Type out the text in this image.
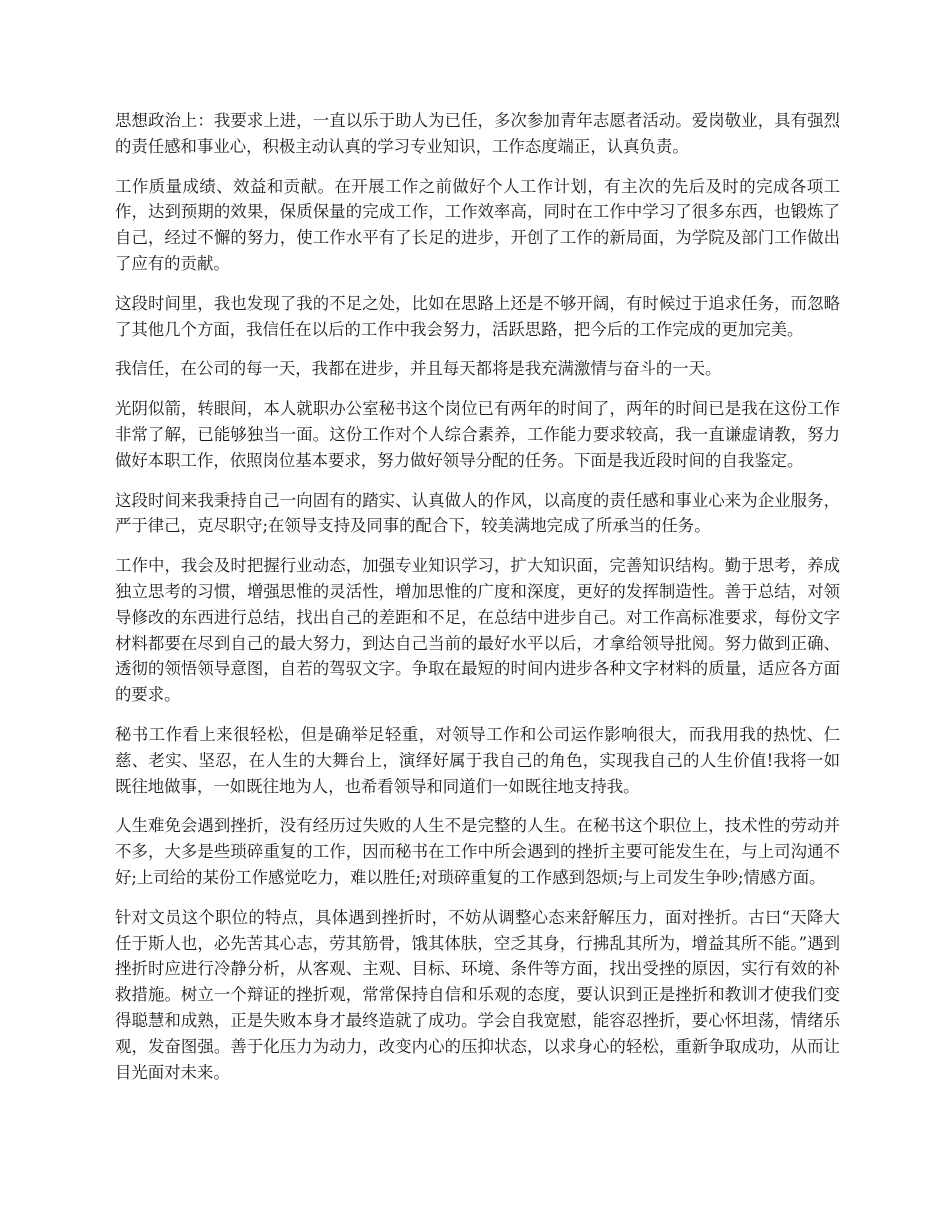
思想政治上：我要求上进，一直以乐于助人为已任，多次参加青年志愿者活动。爱岗敬业，具有强烈的责任感和事业心，积极主动认真的学习专业知识，工作态度端正，认真负责。

工作质量成绩、效益和贡献。在开展工作之前做好个人工作计划，有主次的先后及时的完成各项工作，达到预期的效果，保质保量的完成工作，工作效率高，同时在工作中学习了很多东西，也锻炼了自己，经过不懈的努力，使工作水平有了长足的进步，开创了工作的新局面，为学院及部门工作做出了应有的贡献。

这段时间里，我也发现了我的不足之处，比如在思路上还是不够开阔，有时候过于追求任务，而忽略了其他几个方面，我信任在以后的工作中我会努力，活跃思路，把今后的工作完成的更加完美。

我信任，在公司的每一天，我都在进步，并且每天都将是我充满激情与奋斗的一天。

光阴似箭，转眼间，本人就职办公室秘书这个岗位已有两年的时间了，两年的时间已是我在这份工作非常了解，已能够独当一面。这份工作对个人综合素养，工作能力要求较高，我一直谦虚请教，努力做好本职工作，依照岗位基本要求，努力做好领导分配的任务。下面是我近段时间的自我鉴定。

这段时间来我秉持自己一向固有的踏实、认真做人的作风，以高度的责任感和事业心来为企业服务，严于律己，克尽职守;在领导支持及同事的配合下，较美满地完成了所承当的任务。

工作中，我会及时把握行业动态，加强专业知识学习，扩大知识面，完善知识结构。勤于思考，养成独立思考的习惯，增强思惟的灵活性，增加思惟的广度和深度，更好的发挥制造性。善于总结，对领导修改的东西进行总结，找出自己的差距和不足，在总结中进步自己。对工作高标准要求，每份文字材料都要在尽到自己的最大努力，到达自己当前的最好水平以后，才拿给领导批阅。努力做到正确、透彻的领悟领导意图，自若的驾驭文字。争取在最短的时间内进步各种文字材料的质量，适应各方面的要求。

秘书工作看上来很轻松，但是确举足轻重，对领导工作和公司运作影响很大，而我用我的热忱、仁慈、老实、坚忍，在人生的大舞台上，演绎好属于我自己的角色，实现我自己的人生价值!我将一如既往地做事，一如既往地为人，也希看领导和同道们一如既往地支持我。

人生难免会遇到挫折，没有经历过失败的人生不是完整的人生。在秘书这个职位上，技术性的劳动并不多，大多是些琐碎重复的工作，因而秘书在工作中所会遇到的挫折主要可能发生在，与上司沟通不好;上司给的某份工作感觉吃力，难以胜任;对琐碎重复的工作感到怨烦;与上司发生争吵;情感方面。

针对文员这个职位的特点，具体遇到挫折时，不妨从调整心态来舒解压力，面对挫折。古曰“天降大任于斯人也，必先苦其心志，劳其筋骨，饿其体肤，空乏其身，行拂乱其所为，增益其所不能。”遇到挫折时应进行冷静分析，从客观、主观、目标、环境、条件等方面，找出受挫的原因，实行有效的补救措施。树立一个辩证的挫折观，常常保持自信和乐观的态度，要认识到正是挫折和教训才使我们变得聪慧和成熟，正是失败本身才最终造就了成功。学会自我宽慰，能容忍挫折，要心怀坦荡，情绪乐观，发奋图强。善于化压力为动力，改变内心的压抑状态，以求身心的轻松，重新争取成功，从而让目光面对未来。
